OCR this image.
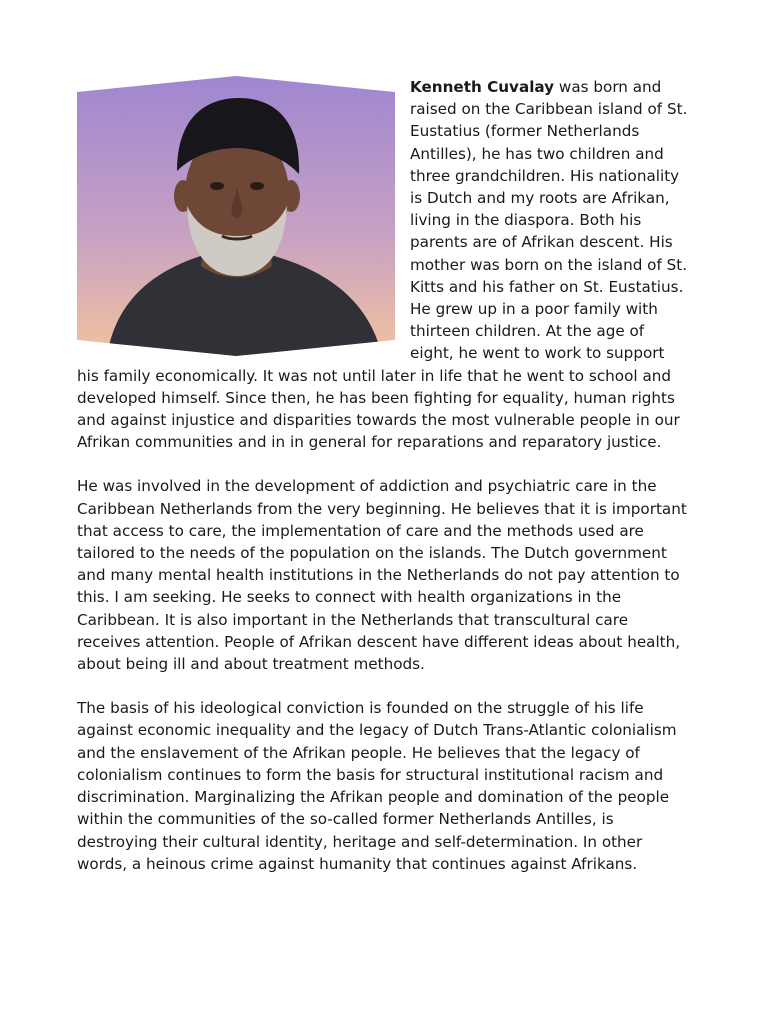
Kenneth Cuvalay was born and raised on the Caribbean island of St. Eustatius (former Netherlands Antilles), he has two children and three grandchildren. His nationality is Dutch and my roots are Afrikan, living in the diaspora. Both his parents are of Afrikan descent. His mother was born on the island of St. Kitts and his father on St. Eustatius. He grew up in a poor family with thirteen children. At the age of eight, he went to work to support his family economically. It was not until later in life that he went to school and developed himself. Since then, he has been fighting for equality, human rights and against injustice and disparities towards the most vulnerable people in our Afrikan communities and in in general for reparations and reparatory justice.

He was involved in the development of addiction and psychiatric care in the Caribbean Netherlands from the very beginning. He believes that it is important that access to care, the implementation of care and the methods used are tailored to the needs of the population on the islands. The Dutch government and many mental health institutions in the Netherlands do not pay attention to this. I am seeking. He seeks to connect with health organizations in the Caribbean. It is also important in the Netherlands that transcultural care receives attention. People of Afrikan descent have different ideas about health, about being ill and about treatment methods.

The basis of his ideological conviction is founded on the struggle of his life against economic inequality and the legacy of Dutch Trans-Atlantic colonialism and the enslavement of the Afrikan people. He believes that the legacy of colonialism continues to form the basis for structural institutional racism and discrimination. Marginalizing the Afrikan people and domination of the people within the communities of the so-called former Netherlands Antilles, is destroying their cultural identity, heritage and self-determination. In other words, a heinous crime against humanity that continues against Afrikans.
